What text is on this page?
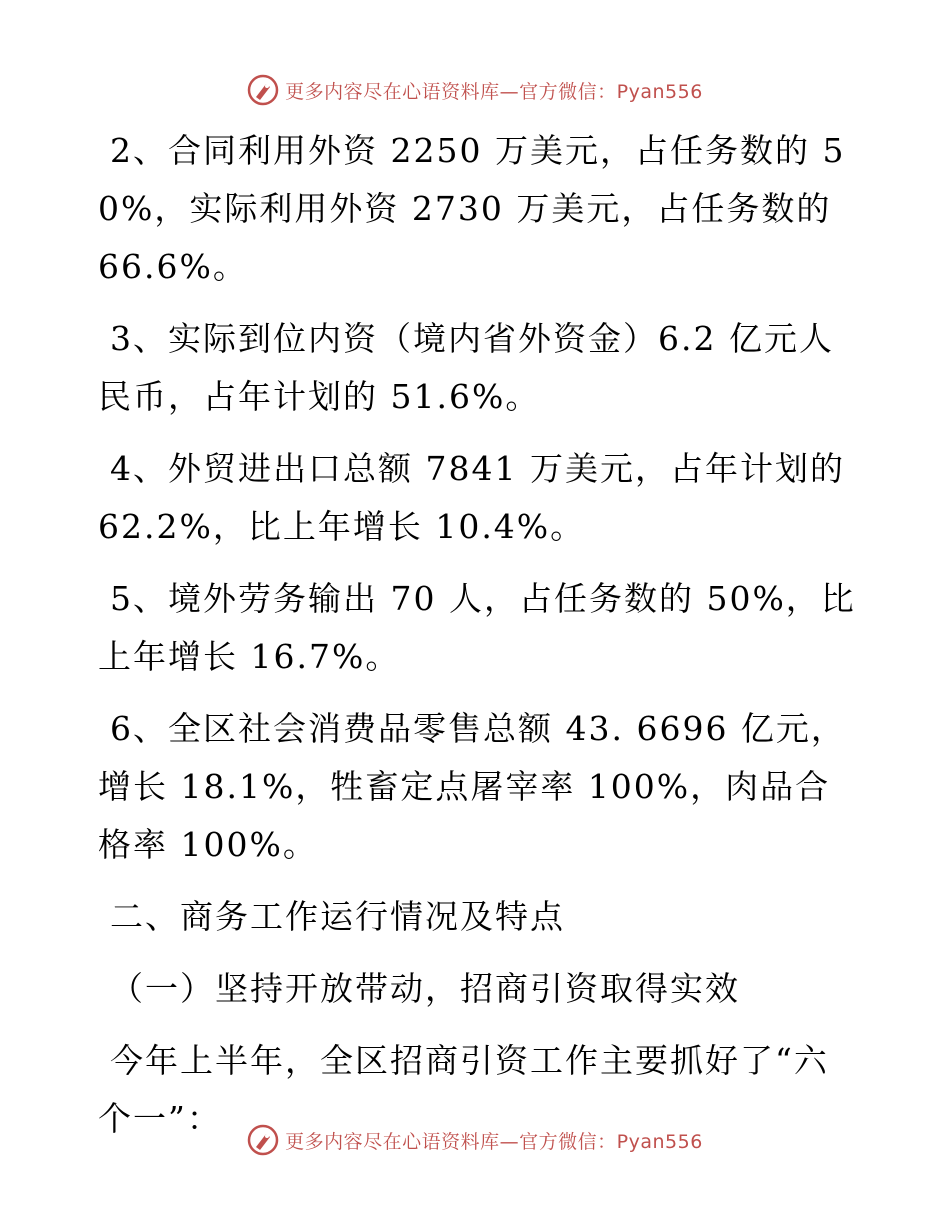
更多内容尽在心语资料库—官方微信：Pyan556

2、合同利用外资 2250 万美元，占任务数的 50%，实际利用外资 2730 万美元，占任务数的 66.6%。

3、实际到位内资（境内省外资金）6.2 亿元人民币，占年计划的 51.6%。

4、外贸进出口总额 7841 万美元，占年计划的 62.2%，比上年增长 10.4%。

5、境外劳务输出 70 人，占任务数的 50%，比上年增长 16.7%。

6、全区社会消费品零售总额 43. 6696 亿元，增长 18.1%，牲畜定点屠宰率 100%，肉品合格率 100%。

二、商务工作运行情况及特点

（一）坚持开放带动，招商引资取得实效

今年上半年，全区招商引资工作主要抓好了“六个一”：

更多内容尽在心语资料库—官方微信：Pyan556
